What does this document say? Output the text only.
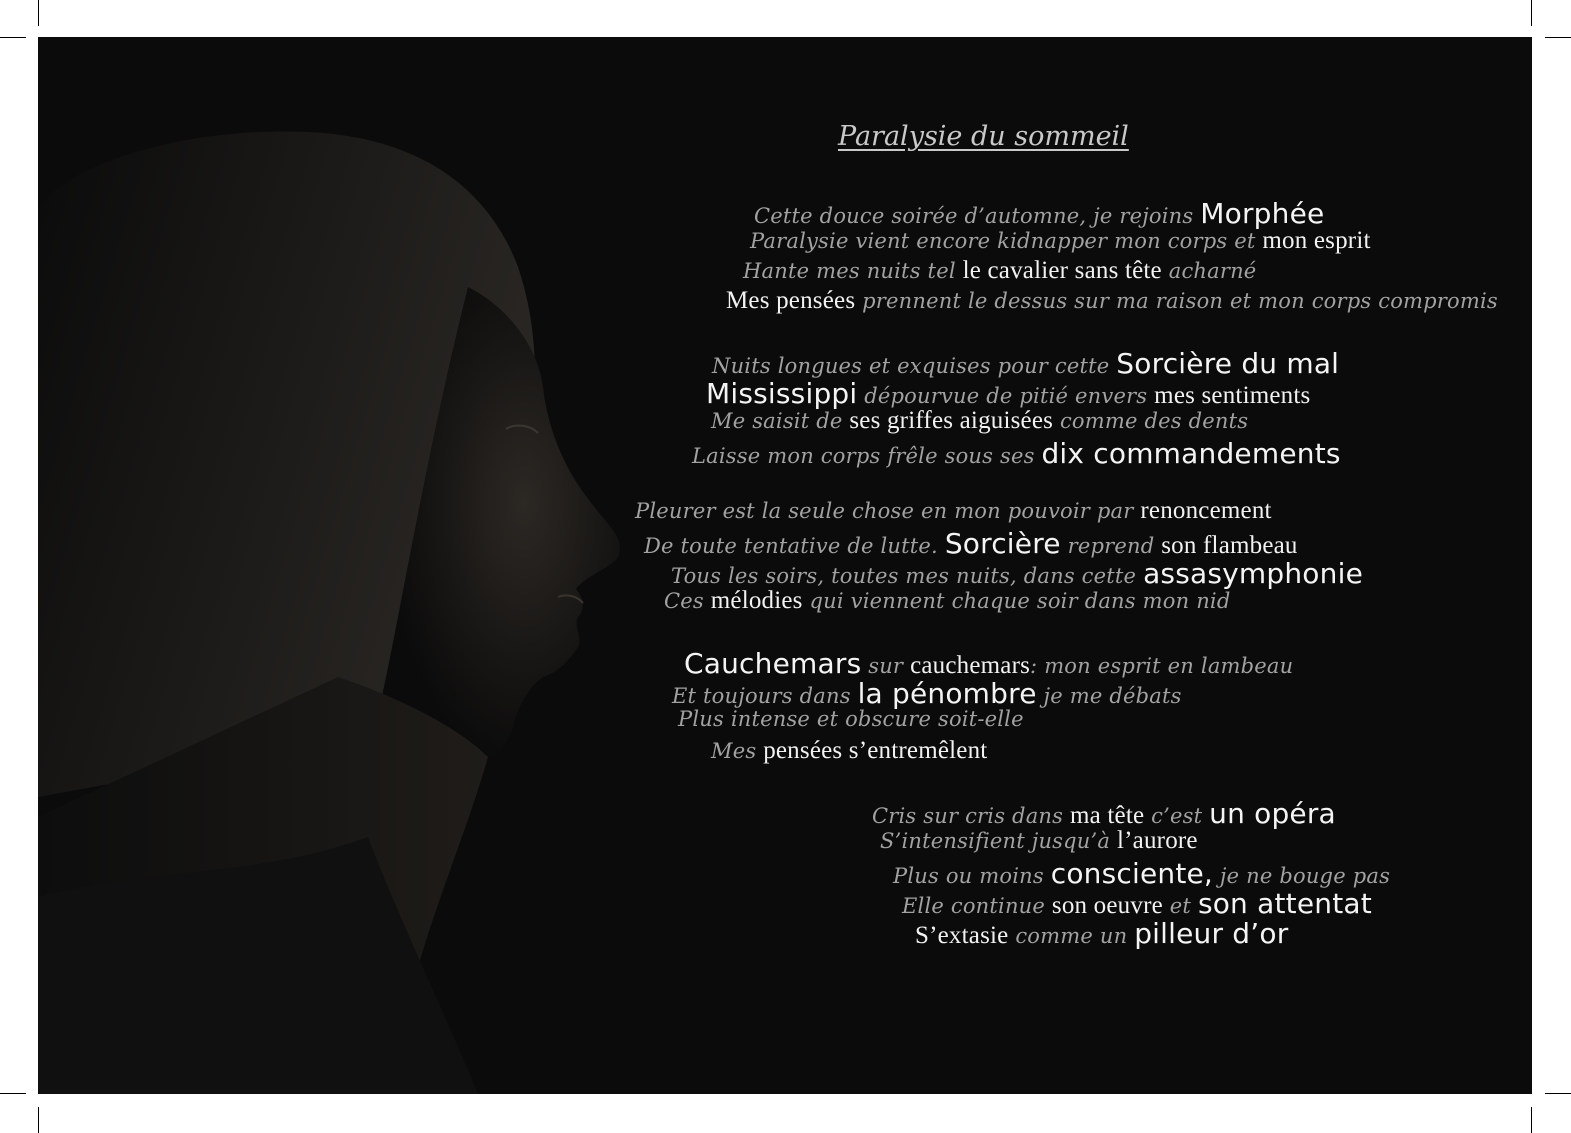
Paralysie du sommeil
Cette douce soirée d’automne, je rejoins Morphée
Paralysie vient encore kidnapper mon corps et mon esprit
Hante mes nuits tel le cavalier sans tête acharné
Mes pensées prennent le dessus sur ma raison et mon corps compromis
Nuits longues et exquises pour cette Sorcière du mal
Mississippi dépourvue de pitié envers mes sentiments
Me saisit de ses griffes aiguisées comme des dents
Laisse mon corps frêle sous ses dix commandements
Pleurer est la seule chose en mon pouvoir par renoncement
De toute tentative de lutte. Sorcière reprend son flambeau
Tous les soirs, toutes mes nuits, dans cette assasymphonie
Ces mélodies qui viennent chaque soir dans mon nid
Cauchemars sur cauchemars: mon esprit en lambeau
Et toujours dans la pénombre je me débats
Plus intense et obscure soit-elle
Mes pensées s’entremêlent
Cris sur cris dans ma tête c’est un opéra
S’intensifient jusqu’à l’aurore
Plus ou moins consciente, je ne bouge pas
Elle continue son oeuvre et son attentat
S’extasie comme un pilleur d’or
